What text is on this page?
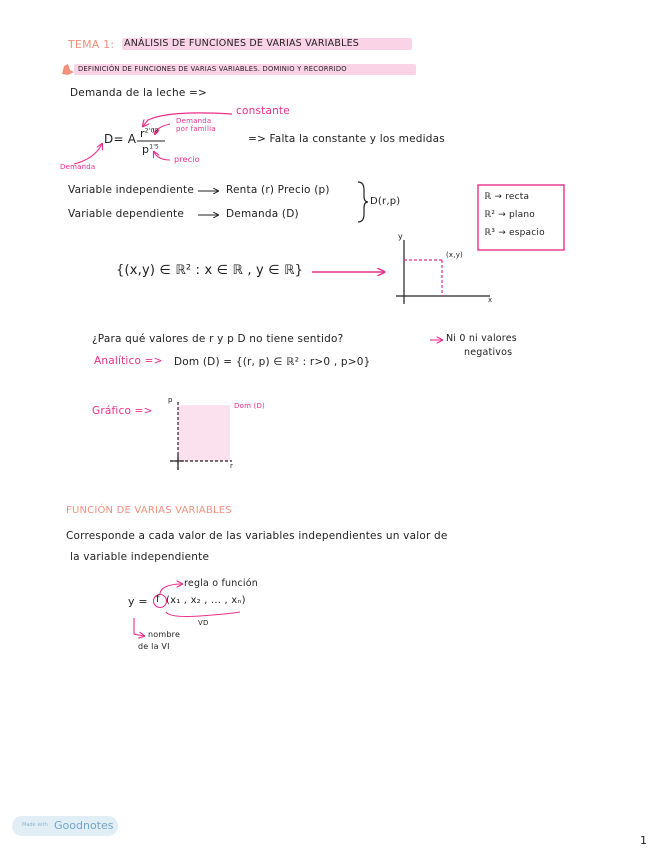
TEMA 1: ANÁLISIS DE FUNCIONES DE VARIAS VARIABLES
DEFINICIÓN DE FUNCIONES DE VARIAS VARIABLES. DOMINIO Y RECORRIDO
Demanda de la leche =>
constante
Demanda
por familia
precio
Demanda
D= A $r^{2'08}$
$p^{1'5}$
=> Falta la constante y los medidas
Variable independiente	Renta (r) Precio (p)
Variable dependiente	Demanda (D)
D(r,p)	ℝ → recta
ℝ² → plano
ℝ³ → espacio
{(x,y) ∈ ℝ² : x ∈ ℝ , y ∈ ℝ}
y
x
(x,y)
¿Para qué valores de r y p D no tiene sentido?	Ni 0 ni valores
negativos
Analítico => Dom (D) = {(r, p) ∈ ℝ² : r>0 , p>0}
Gráfico =>	Dom (D)
p
r
FUNCIÓN DE VARIAS VARIABLES
Corresponde a cada valor de las variables independientes un valor de
la variable independiente
regla o función
y = f (x₁ , x₂ , ... , xₙ)
VD
nombre
de la VI
Made with Goodnotes
1
